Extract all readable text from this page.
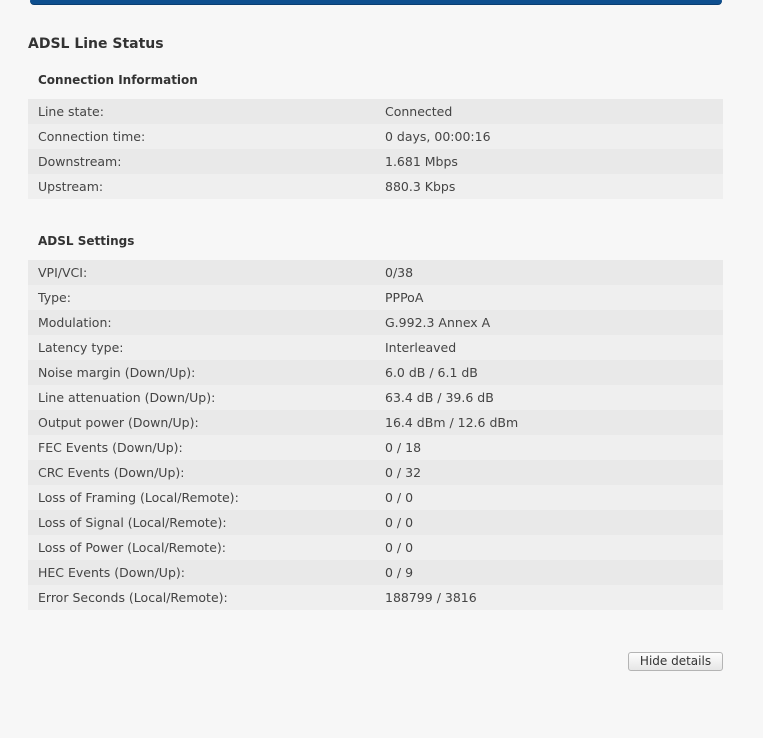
ADSL Line Status
Connection Information
Line state:	Connected
Connection time:	0 days, 00:00:16
Downstream:	1.681 Mbps
Upstream:	880.3 Kbps
ADSL Settings
VPI/VCI:	0/38
Type:	PPPoA
Modulation:	G.992.3 Annex A
Latency type:	Interleaved
Noise margin (Down/Up):	6.0 dB / 6.1 dB
Line attenuation (Down/Up):	63.4 dB / 39.6 dB
Output power (Down/Up):	16.4 dBm / 12.6 dBm
FEC Events (Down/Up):	0 / 18
CRC Events (Down/Up):	0 / 32
Loss of Framing (Local/Remote):	0 / 0
Loss of Signal (Local/Remote):	0 / 0
Loss of Power (Local/Remote):	0 / 0
HEC Events (Down/Up):	0 / 9
Error Seconds (Local/Remote):	188799 / 3816
Hide details
